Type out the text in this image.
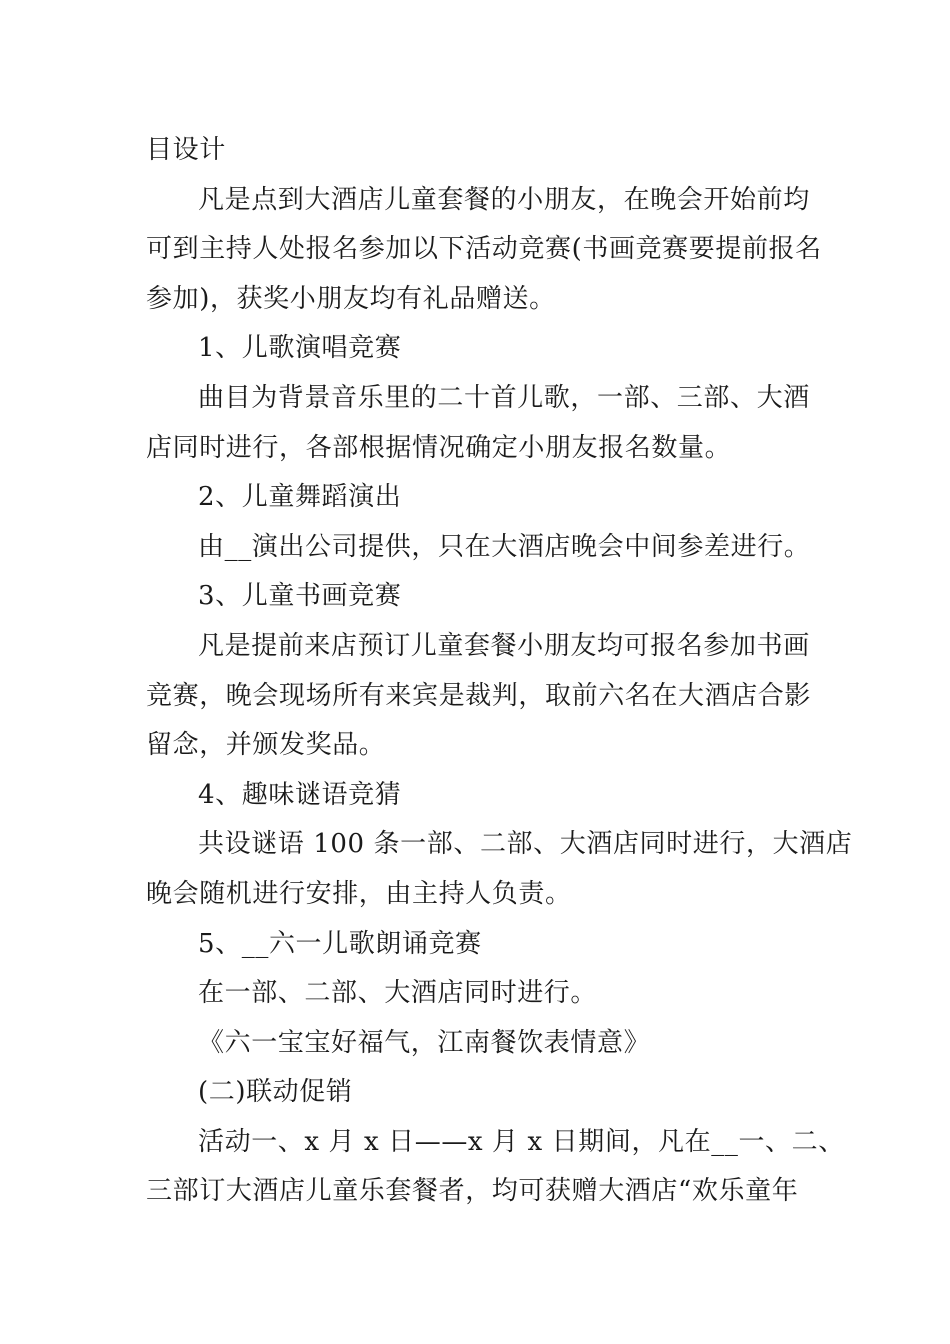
目设计
凡是点到大酒店儿童套餐的小朋友，在晚会开始前均
可到主持人处报名参加以下活动竞赛(书画竞赛要提前报名
参加)，获奖小朋友均有礼品赠送。
1、儿歌演唱竞赛
曲目为背景音乐里的二十首儿歌，一部、三部、大酒
店同时进行，各部根据情况确定小朋友报名数量。
2、儿童舞蹈演出
由__演出公司提供，只在大酒店晚会中间参差进行。
3、儿童书画竞赛
凡是提前来店预订儿童套餐小朋友均可报名参加书画
竞赛，晚会现场所有来宾是裁判，取前六名在大酒店合影
留念，并颁发奖品。
4、趣味谜语竞猜
共设谜语 100 条一部、二部、大酒店同时进行，大酒店
晚会随机进行安排，由主持人负责。
5、__六一儿歌朗诵竞赛
在一部、二部、大酒店同时进行。
《六一宝宝好福气，江南餐饮表情意》
(二)联动促销
活动一、x 月 x 日——x 月 x 日期间，凡在__一、二、
三部订大酒店儿童乐套餐者，均可获赠大酒店“欢乐童年
